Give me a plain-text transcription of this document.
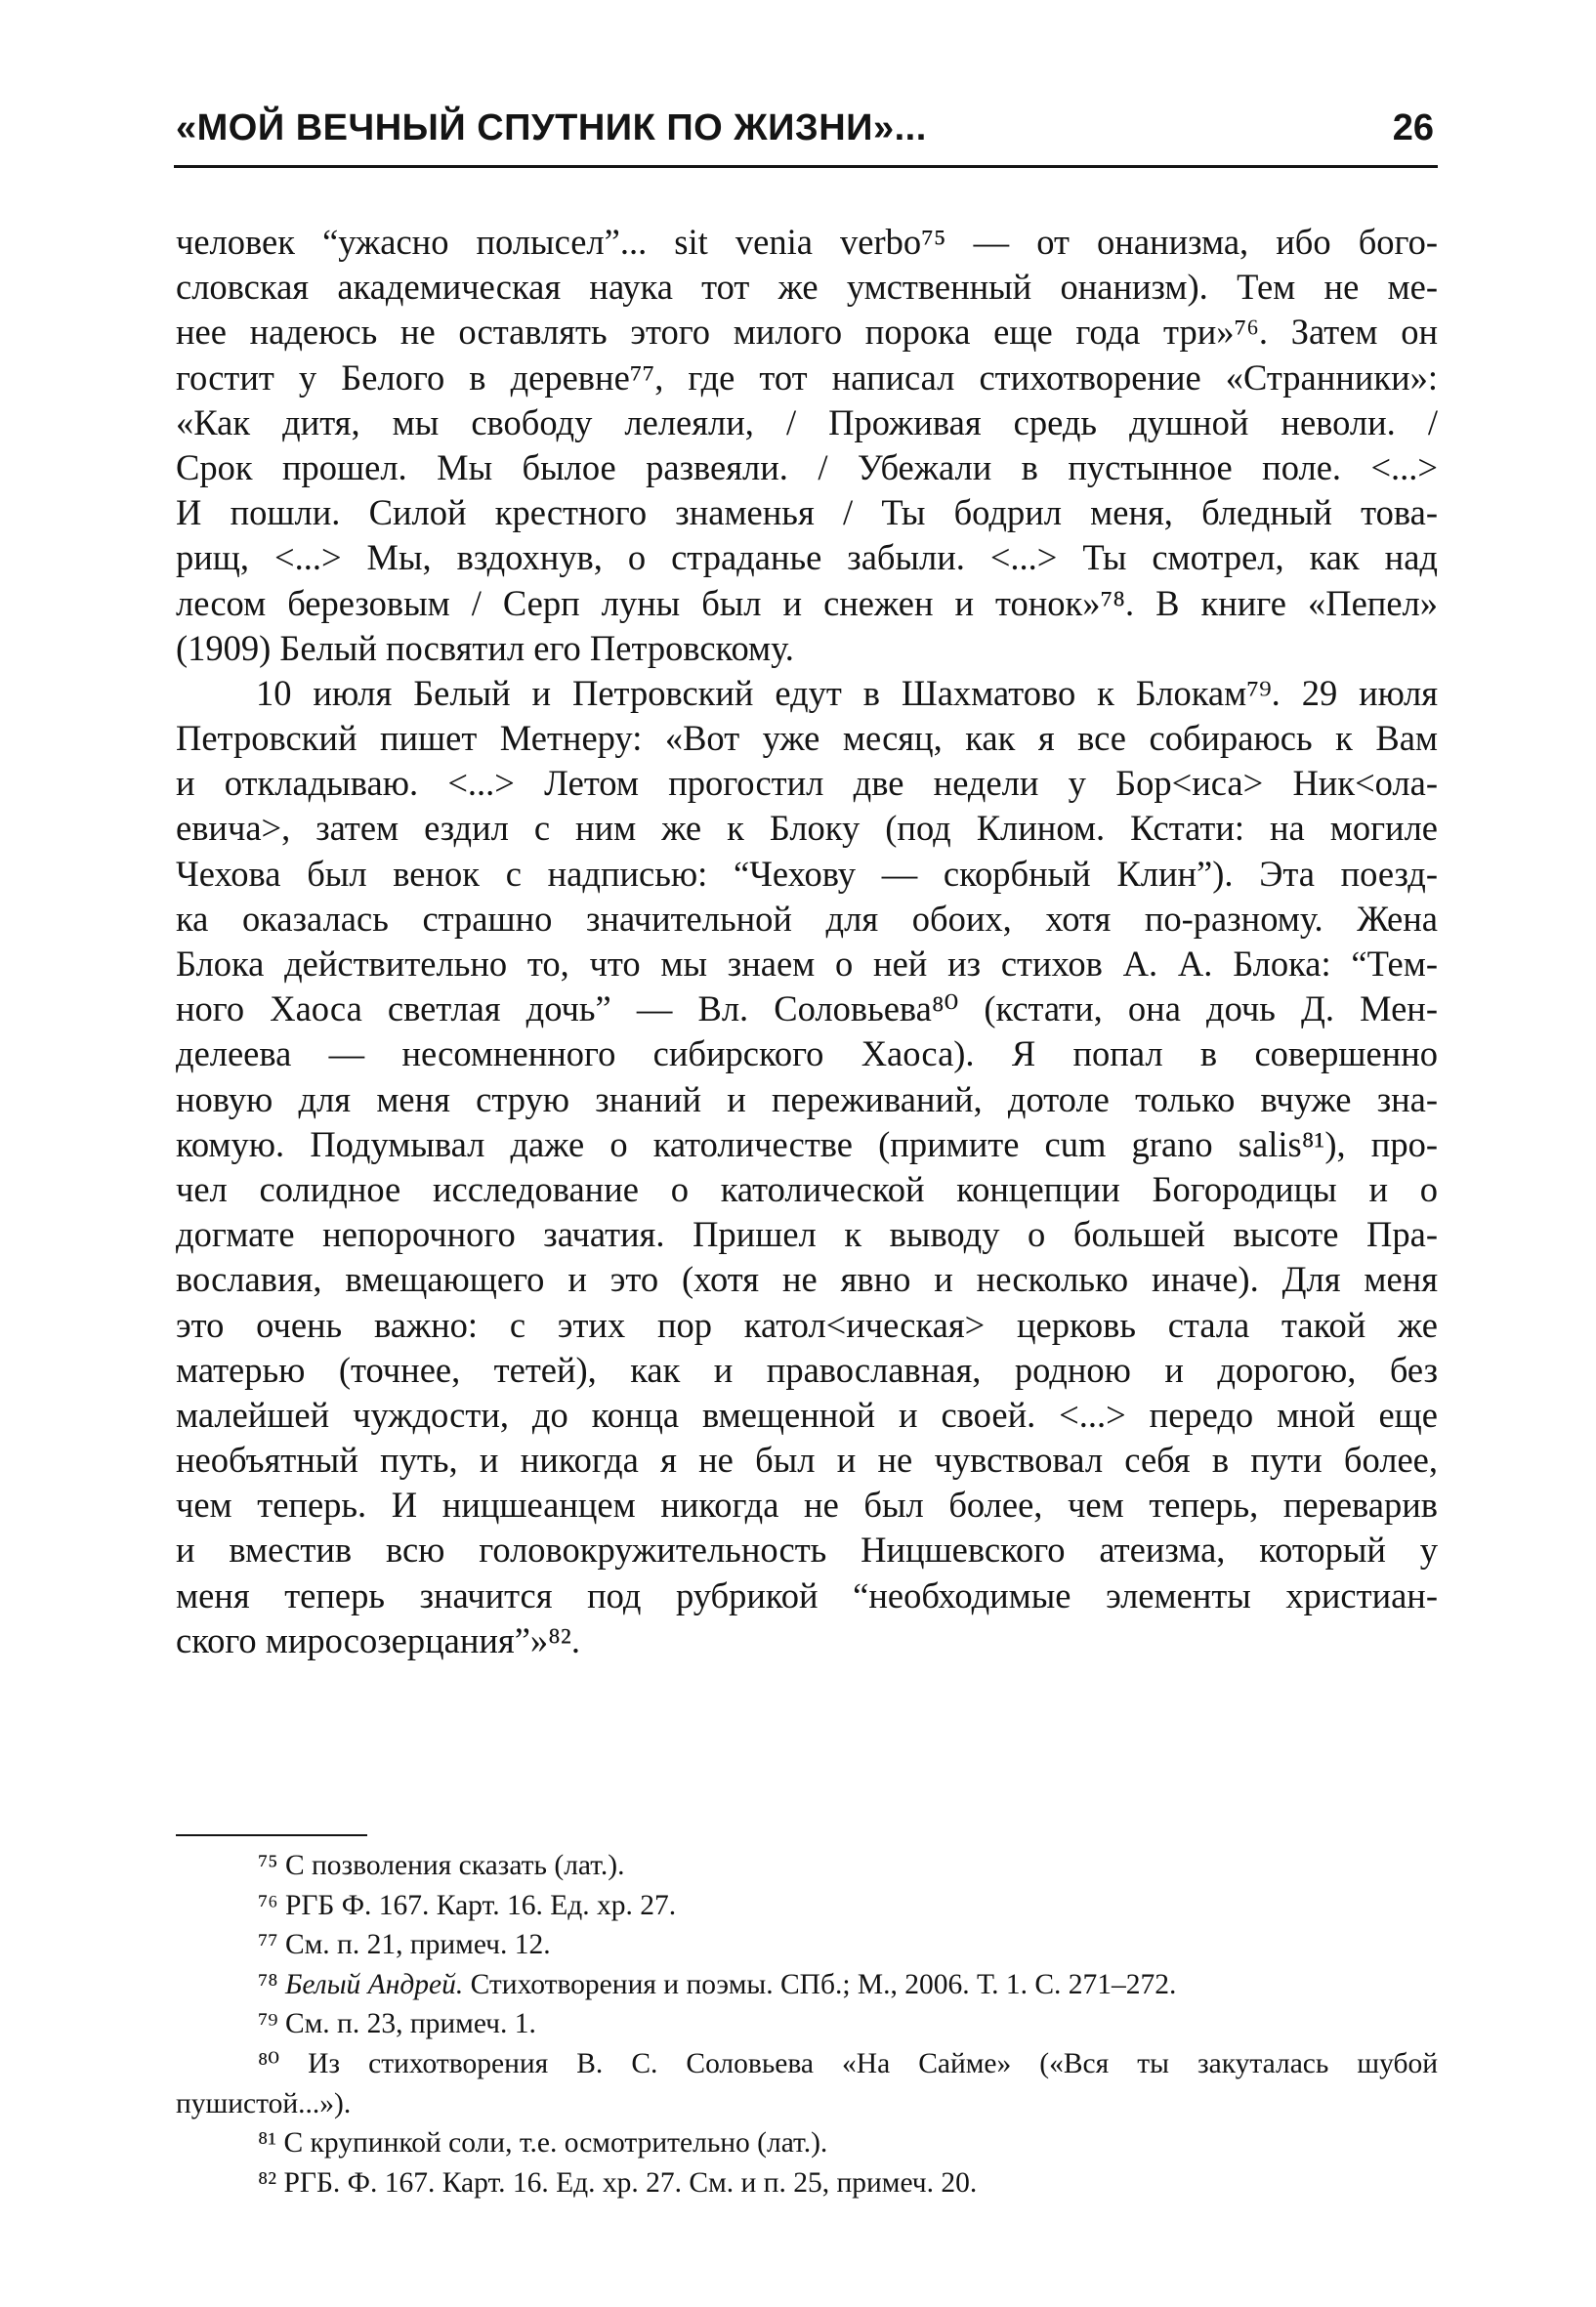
«МОЙ ВЕЧНЫЙ СПУТНИК ПО ЖИЗНИ»...	26
человек “ужасно полысел”... sit venia verbo⁷⁵ — от онанизма, ибо бого-
словская академическая наука тот же умственный онанизм). Тем не ме-
нее надеюсь не оставлять этого милого порока еще года три»⁷⁶. Затем он
гостит у Белого в деревне⁷⁷, где тот написал стихотворение «Странники»:
«Как дитя, мы свободу лелеяли, / Проживая средь душной неволи. /
Срок прошел. Мы былое развеяли. / Убежали в пустынное поле. <...>
И пошли. Силой крестного знаменья / Ты бодрил меня, бледный това-
рищ, <...> Мы, вздохнув, о страданье забыли. <...> Ты смотрел, как над
лесом березовым / Серп луны был и снежен и тонок»⁷⁸. В книге «Пепел»
(1909) Белый посвятил его Петровскому.
10 июля Белый и Петровский едут в Шахматово к Блокам⁷⁹. 29 июля
Петровский пишет Метнеру: «Вот уже месяц, как я все собираюсь к Вам
и откладываю. <...> Летом прогостил две недели у Бор<иса> Ник<ола-
евича>, затем ездил с ним же к Блоку (под Клином. Кстати: на могиле
Чехова был венок с надписью: “Чехову — скорбный Клин”). Эта поезд-
ка оказалась страшно значительной для обоих, хотя по-разному. Жена
Блока действительно то, что мы знаем о ней из стихов А. А. Блока: “Тем-
ного Хаоса светлая дочь” — Вл. Соловьева⁸⁰ (кстати, она дочь Д. Мен-
делеева — несомненного сибирского Хаоса). Я попал в совершенно
новую для меня струю знаний и переживаний, дотоле только вчуже зна-
комую. Подумывал даже о католичестве (примите cum grano salis⁸¹), про-
чел солидное исследование о католической концепции Богородицы и о
догмате непорочного зачатия. Пришел к выводу о большей высоте Пра-
вославия, вмещающего и это (хотя не явно и несколько иначе). Для меня
это очень важно: с этих пор катол<ическая> церковь стала такой же
матерью (точнее, тетей), как и православная, родною и дорогою, без
малейшей чуждости, до конца вмещенной и своей. <...> передо мной еще
необъятный путь, и никогда я не был и не чувствовал себя в пути более,
чем теперь. И ницшеанцем никогда не был более, чем теперь, переварив
и вместив всю головокружительность Ницшевского атеизма, который у
меня теперь значится под рубрикой “необходимые элементы христиан-
ского миросозерцания”»⁸².
⁷⁵ С позволения сказать (лат.).
⁷⁶ РГБ Ф. 167. Карт. 16. Ед. хр. 27.
⁷⁷ См. п. 21, примеч. 12.
⁷⁸ Белый Андрей. Стихотворения и поэмы. СПб.; М., 2006. Т. 1. С. 271–272.
⁷⁹ См. п. 23, примеч. 1.
⁸⁰ Из стихотворения В. С. Соловьева «На Сайме» («Вся ты закуталась шубой
пушистой...»).
⁸¹ С крупинкой соли, т.е. осмотрительно (лат.).
⁸² РГБ. Ф. 167. Карт. 16. Ед. хр. 27. См. и п. 25, примеч. 20.
